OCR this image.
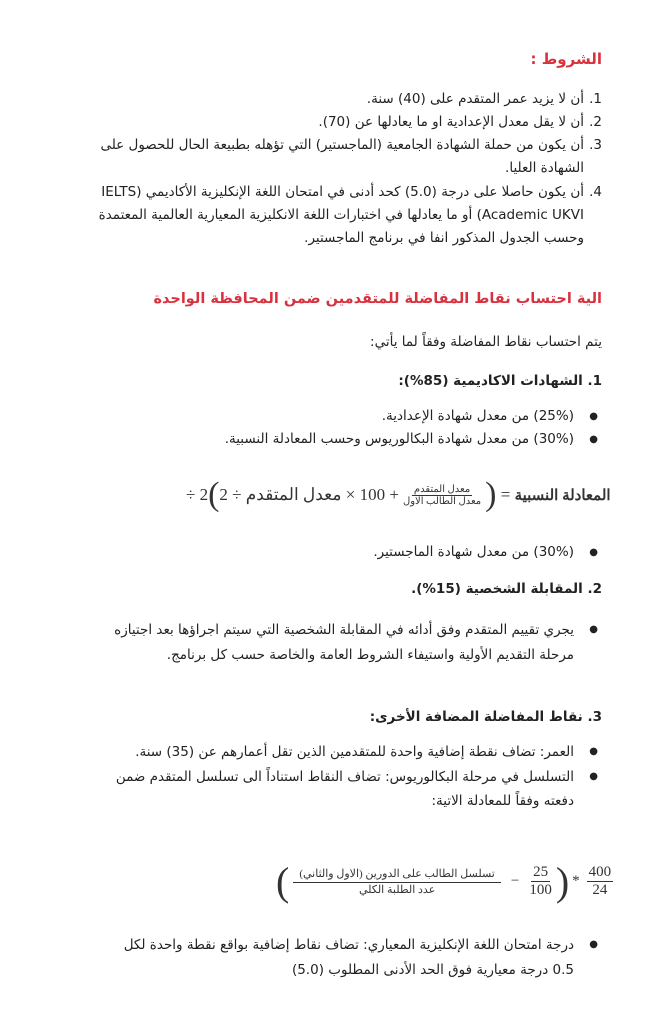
الشروط :
1.
أن لا يزيد عمر المتقدم على (40) سنة.
2.
أن لا يقل معدل الإعدادية او ما يعادلها عن (70).
3.
أن يكون من حملة الشهادة الجامعية (الماجستير) التي تؤهله بطبيعة الحال للحصول على الشهادة العليا.
4.
أن يكون حاصلا على درجة (5.0) كحد أدنى في امتحان اللغة الإنكليزية الأكاديمي (IELTS Academic UKVI) أو ما يعادلها في اختبارات اللغة الانكليزية المعيارية العالمية المعتمدة وحسب الجدول المذكور انفا في برنامج الماجستير.
الية احتساب نقاط المفاضلة للمتقدمين ضمن المحافظة الواحدة
يتم احتساب نقاط المفاضلة وفقاً لما يأتي:
1. الشهادات الاكاديمية (85%):
● (25%) من معدل شهادة الإعدادية.
● (30%) من معدل شهادة البكالوريوس وحسب المعادلة النسبية.
÷ 2 ( معدل المتقدم ÷ 2
× $100 + \frac{\text{معدل المتقدم}}{\text{معدل الطالب الاول}}$ )
=
المعادلة النسبية
● (30%) من معدل شهادة الماجستير.
2. المقابلة الشخصية (15%).
● يجري تقييم المتقدم وفق أدائه في المقابلة الشخصية التي سيتم اجراؤها بعد اجتيازه مرحلة التقديم الأولية واستيفاء الشروط العامة والخاصة حسب كل برنامج.
3. نقاط المفاضلة المضافة الأخرى:
● العمر: تضاف نقطة إضافية واحدة للمتقدمين الذين تقل أعمارهم عن (35) سنة.
● التسلسل في مرحلة البكالوريوس: تضاف النقاط استناداً الى تسلسل المتقدم ضمن دفعته وفقاً للمعادلة الاتية:
( $\frac{\text{تسلسل الطالب على الدورين (الاول والثاني)}}{\text{عدد الطلبة الكلي}} - \frac{25}{100}$ ) * $\frac{400}{24}$
● درجة امتحان اللغة الإنكليزية المعياري: تضاف نقاط إضافية بواقع نقطة واحدة لكل 0.5 درجة معيارية فوق الحد الأدنى المطلوب (5.0)
